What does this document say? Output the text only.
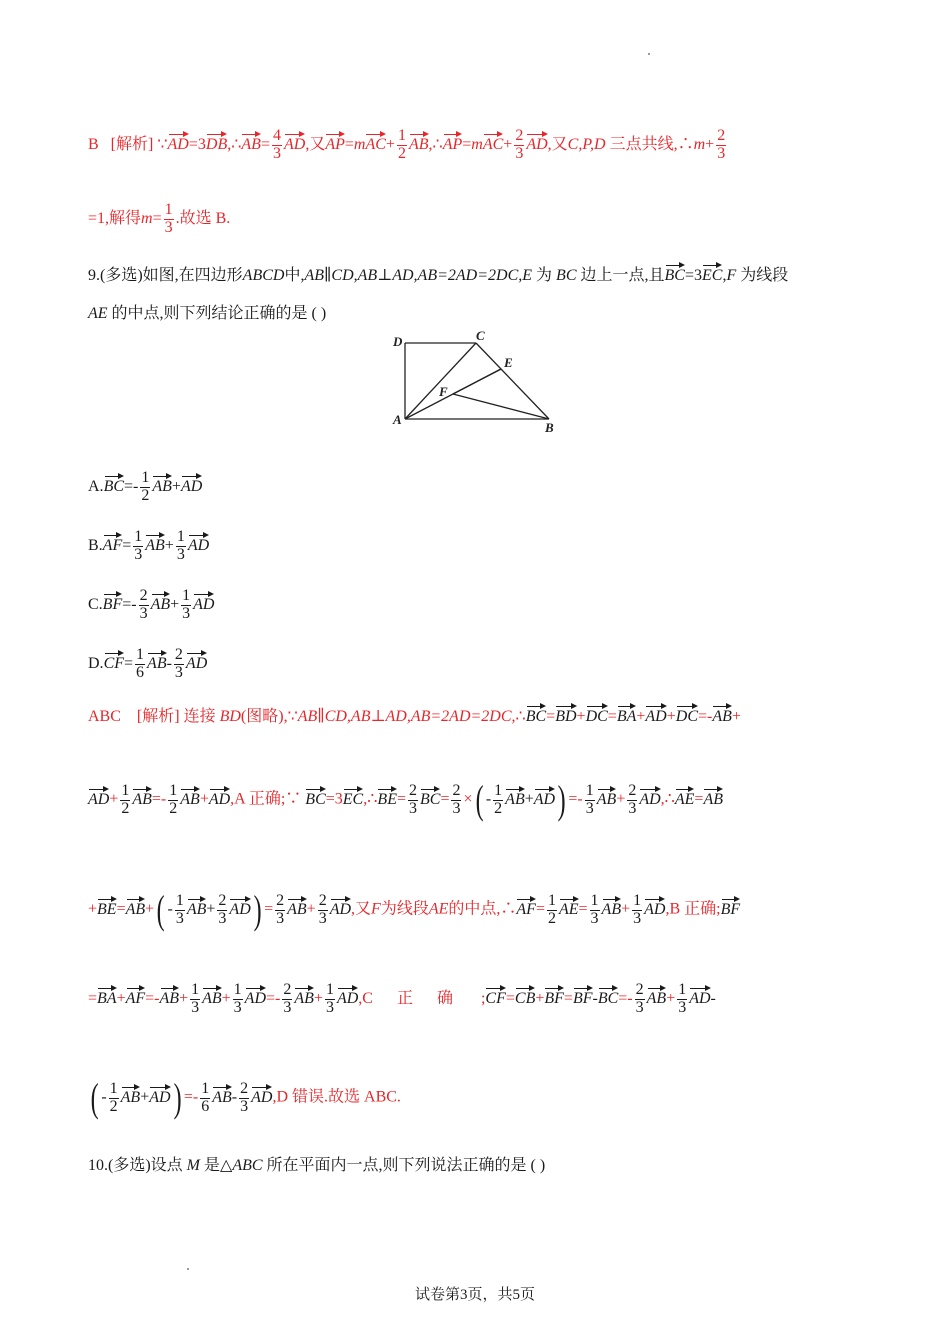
B [解析] ∵AD=3DB,∴AB= $\frac{4}{3}$ AD,又$AP=mAC+ \frac{1}{2}$ AB,∴AP=mAC+ $\frac{2}{3}$ AD,又C,P,D 三点共线,∴m+ $\frac{2}{3}$
=1,解得$m= \frac{1}{3}$ .故选 B.
9.(多选)如图,在四边形ABCD中,AB∥CD,AB⊥AD,AB=2AD=2DC,E 为 BC 边上一点,且BC=3EC,F 为线段
AE 的中点,则下列结论正确的是 ( )
D	C
E
F
A
B
$A.BC=- \frac{1}{2} AB+AD$
$B.AF= \frac{1}{3} AB+ \frac{1}{3}$ AD
$C.BF=- \frac{2}{3} AB+ \frac{1}{3}$ AD
$D.CF= \frac{1}{6} AB- \frac{2}{3}$ AD
ABC [解析] 连接 BD(图略),∵AB∥CD,AB⊥AD,AB=2AD=2DC,∴BC=BD+DC=BA+AD+DC=-AB+
$AD+ \frac{1}{2} AB=- \frac{1}{2} AB+AD,A$ 正确;∵ BC=3EC,∴BE= $\frac{2}{3} BC= \frac{2}{3}$ ×( - $\frac{1}{2} AB+AD) =- \frac{1}{3} AB+ \frac{2}{3}$ AD,∴AE=AB
$+BE=AB+( - \frac{1}{3} AB+ \frac{2}{3} AD) = \frac{2}{3} AB+ \frac{2}{3}$ AD,又F为线段AE的中点,∴AF= $\frac{1}{2} AE= \frac{1}{3} AB+ \frac{1}{3} AD,B$ 正确;BF
$=BA+AF=-AB+ \frac{1}{3} AB+ \frac{1}{3} AD=- \frac{2}{3} AB+ \frac{1}{3} AD,C$      正      确 ;CF=CB+BF=BF-BC=- $\frac{2}{3} AB+ \frac{1}{3} AD-$
( - $\frac{1}{2} AB+AD) =- \frac{1}{6} AB- \frac{2}{3} AD,D$ 错误.故选 ABC.
10.(多选)设点 M 是△ABC 所在平面内一点,则下列说法正确的是 ( )
试卷第3页，共5页
